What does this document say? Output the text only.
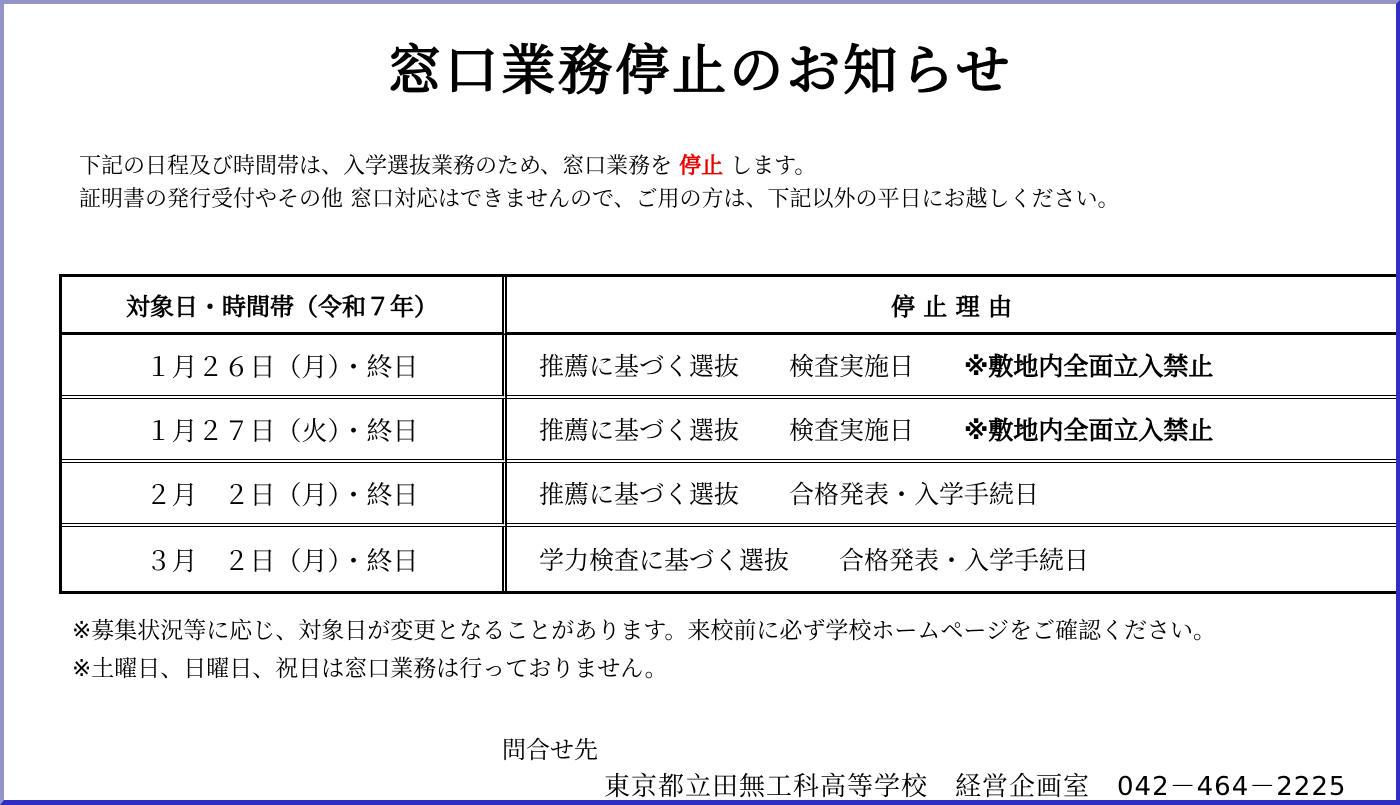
窓口業務停止のお知らせ
下記の日程及び時間帯は、入学選抜業務のため、窓口業務を 停止 します。
証明書の発行受付やその他 窓口対応はできませんので、ご用の方は、下記以外の平日にお越しください。
対象日・時間帯（令和７年）	停 止 理 由
１月２６日（月）・終日	推薦に基づく選抜　　検査実施日　　 ※敷地内全面立入禁止
１月２７日（火）・終日	推薦に基づく選抜　　検査実施日　　 ※敷地内全面立入禁止
２月　２日（月）・終日	推薦に基づく選抜　　合格発表・入学手続日
３月　２日（月）・終日	学力検査に基づく選抜　　合格発表・入学手続日
※募集状況等に応じ、対象日が変更となることがあります。来校前に必ず学校ホームページをご確認ください。
※土曜日、日曜日、祝日は窓口業務は行っておりません。
問合せ先
東京都立田無工科高等学校　経営企画室　042－464－2225
